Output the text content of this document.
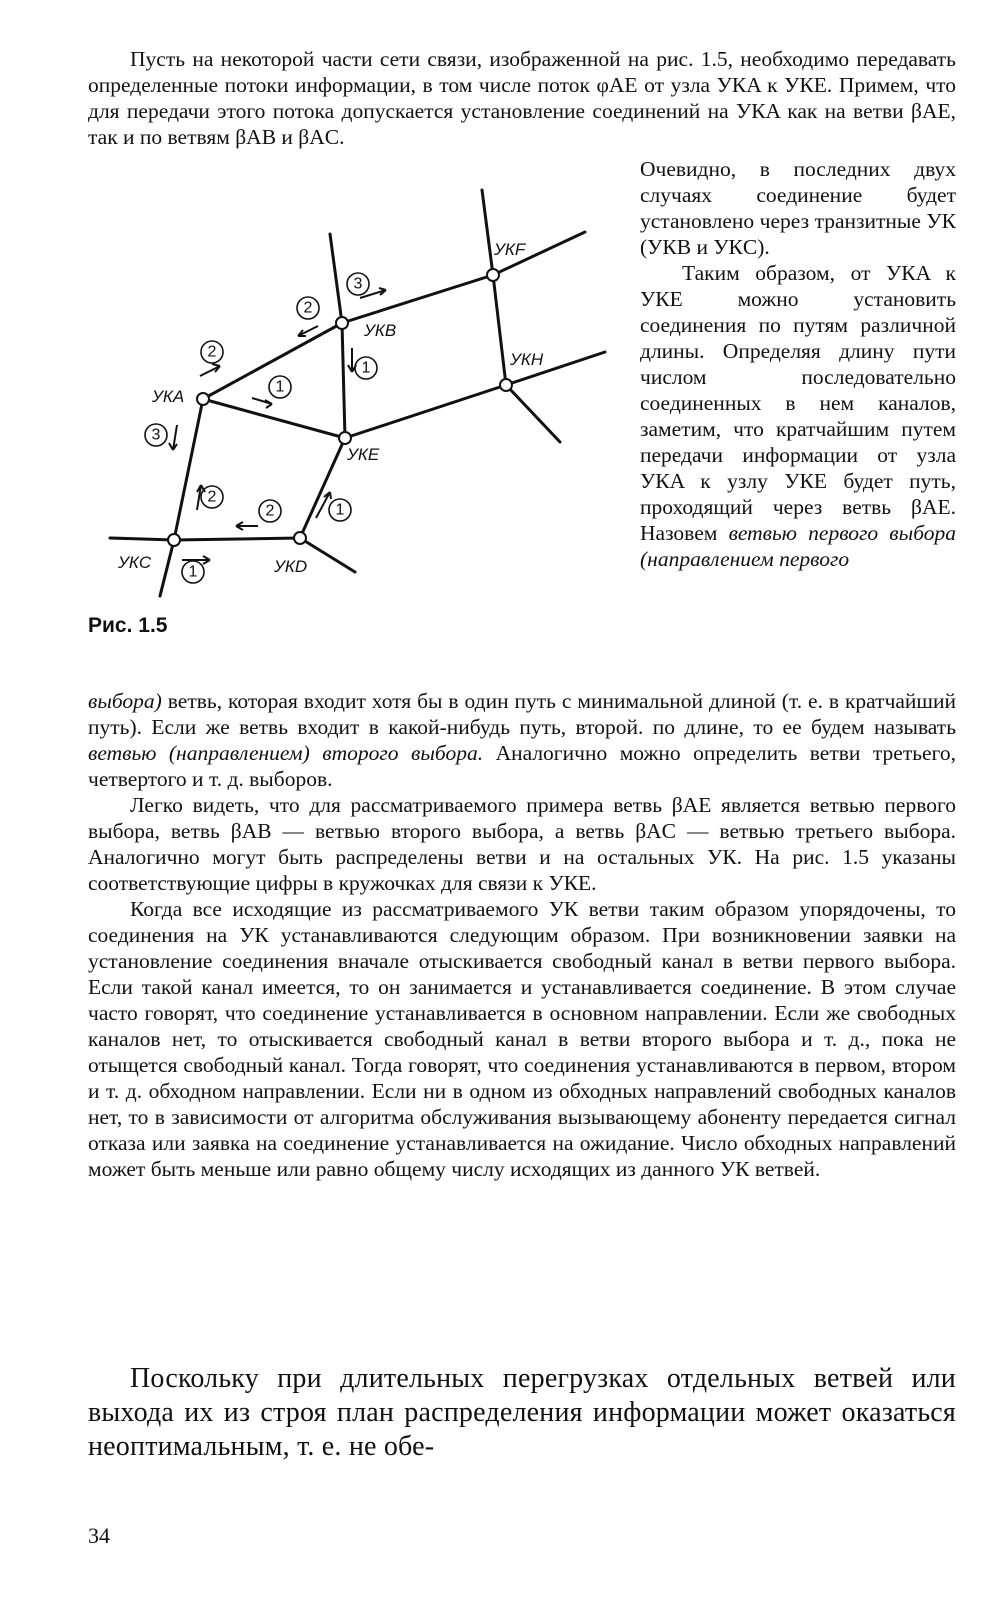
Пусть на некоторой части сети связи, изображенной на рис. 1.5, необходимо передавать определенные потоки информации, в том числе поток φAE от узла УКA к УКE. Примем, что для передачи этого потока допускается установление соединений на УКA как на ветви βAE, так и по ветвям βAB и βAC.

Очевидно, в последних двух случаях соединение будет установлено через транзитные УК (УКB и УКC).

Таким образом, от УКA к УКE можно установить соединения по путям различной длины. Определяя длину пути числом последовательно соединенных в нем каналов, заметим, что кратчайшим путем передачи информации от узла УКA к узлу УКE будет путь, проходящий через ветвь βAE. Назовем ветвью первого выбора (направлением первого

УКA
УКB
УКC	УКD
УКE
УКF
УКH
2
3
2
1
3
1
2
2	1
1
Рис. 1.5

выбора) ветвь, которая входит хотя бы в один путь с минимальной длиной (т. е. в кратчайший путь). Если же ветвь входит в какой-нибудь путь, второй. по длине, то ее будем называть ветвью (направлением) второго выбора. Аналогично можно определить ветви третьего, четвертого и т. д. выборов.

Легко видеть, что для рассматриваемого примера ветвь βAE является ветвью первого выбора, ветвь βAB — ветвью второго выбора, а ветвь βAC — ветвью третьего выбора. Аналогично могут быть распределены ветви и на остальных УК. На рис. 1.5 указаны соответствующие цифры в кружочках для связи к УКE.

Когда все исходящие из рассматриваемого УК ветви таким образом упорядочены, то соединения на УК устанавливаются следующим образом. При возникновении заявки на установление соединения вначале отыскивается свободный канал в ветви первого выбора. Если такой канал имеется, то он занимается и устанавливается соединение. В этом случае часто говорят, что соединение устанавливается в основном направлении. Если же свободных каналов нет, то отыскивается свободный канал в ветви второго выбора и т. д., пока не отыщется свободный канал. Тогда говорят, что соединения устанавливаются в первом, втором и т. д. обходном направлении. Если ни в одном из обходных направлений свободных каналов нет, то в зависимости от алгоритма обслуживания вызывающему абоненту передается сигнал отказа или заявка на соединение устанавливается на ожидание. Число обходных направлений может быть меньше или равно общему числу исходящих из данного УК ветвей.

Поскольку при длительных перегрузках отдельных ветвей или выхода их из строя план распределения информации может оказаться неоптимальным, т. е. не обе-

34
